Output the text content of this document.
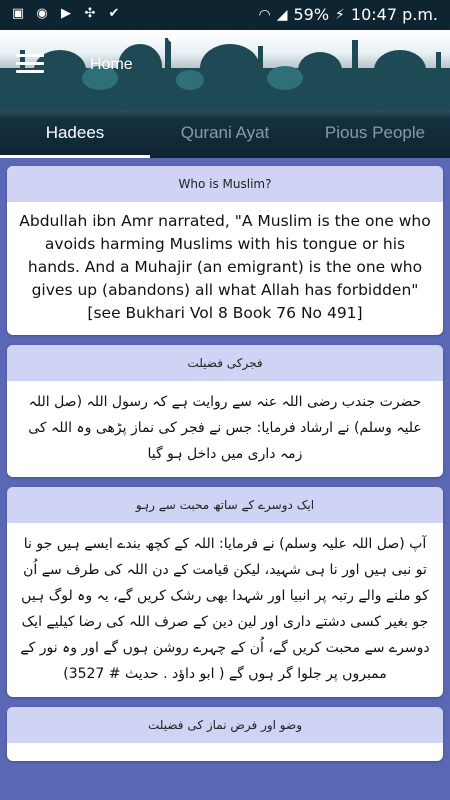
▣ ◉ ▶ ✣ ✔	◠ ◢ 59% ⚡ 10:47 p.m.
Home
Hadees	Qurani Ayat	Pious People
Who is Muslim?
Abdullah ibn Amr narrated, "A Muslim is the one who avoids harming Muslims with his tongue or his hands. And a Muhajir (an emigrant) is the one who gives up (abandons) all what Allah has forbidden" [see Bukhari Vol 8 Book 76 No 491]
فجرکی فضیلت
حضرت جندب رضی اللہ عنہ سے روایت ہے کہ رسول اللہ (صل اللہ علیہ وسلم) نے ارشاد فرمایا: جس نے فجر کی نماز پڑھی وہ اللہ کی زمہ داری میں داخل ہو گیا
ایک دوسرے کے ساتھ محبت سے رہو
آپ (صل اللہ علیہ وسلم) نے فرمایا: اللہ کے کچھ بندے ایسے ہیں جو نا تو نبی ہیں اور نا ہی شہید، لیکن قیامت کے دن اللہ کی طرف سے اُن کو ملنے والے رتبہ پر انبیا اور شہدا بھی رشک کریں گے، یہ وہ لوگ ہیں جو بغیر کسی دشتے داری اور لین دین کے صرف اللہ کی رضا کیلیے ایک دوسرے سے محبت کریں گے، اُن کے چہرے روشن ہوں گے اور وہ نور کے ممبروں پر جلوا گر ہوں گے ( ابو داؤد . حدیث # 3527)
وضو اور فرض نماز کی فضیلت
